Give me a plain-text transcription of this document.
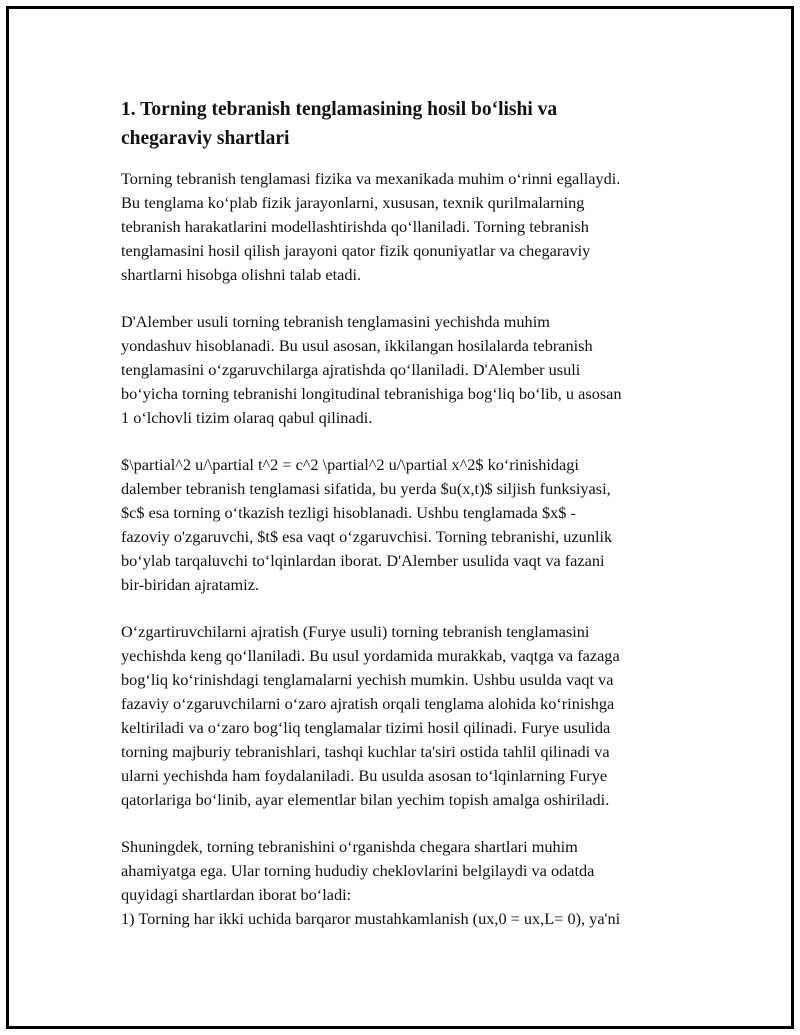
1. Torning tebranish tenglamasining hosil bo‘lishi va
chegaraviy shartlari

Torning tebranish tenglamasi fizika va mexanikada muhim o‘rinni egallaydi.
Bu tenglama ko‘plab fizik jarayonlarni, xususan, texnik qurilmalarning
tebranish harakatlarini modellashtirishda qo‘llaniladi. Torning tebranish
tenglamasini hosil qilish jarayoni qator fizik qonuniyatlar va chegaraviy
shartlarni hisobga olishni talab etadi.

D'Alember usuli torning tebranish tenglamasini yechishda muhim
yondashuv hisoblanadi. Bu usul asosan, ikkilangan hosilalarda tebranish
tenglamasini o‘zgaruvchilarga ajratishda qo‘llaniladi. D'Alember usuli
bo‘yicha torning tebranishi longitudinal tebranishiga bog‘liq bo‘lib, u asosan
1 o‘lchovli tizim olaraq qabul qilinadi.

$\partial^2 u/\partial t^2 = c^2 \partial^2 u/\partial x^2$ ko‘rinishidagi
dalember tebranish tenglamasi sifatida, bu yerda $u(x,t)$ siljish funksiyasi,
$c$ esa torning o‘tkazish tezligi hisoblanadi. Ushbu tenglamada $x$ -
fazoviy o'zgaruvchi, $t$ esa vaqt o‘zgaruvchisi. Torning tebranishi, uzunlik
bo‘ylab tarqaluvchi to‘lqinlardan iborat. D'Alember usulida vaqt va fazani
bir-biridan ajratamiz.

O‘zgartiruvchilarni ajratish (Furye usuli) torning tebranish tenglamasini
yechishda keng qo‘llaniladi. Bu usul yordamida murakkab, vaqtga va fazaga
bog‘liq ko‘rinishdagi tenglamalarni yechish mumkin. Ushbu usulda vaqt va
fazaviy o‘zgaruvchilarni o‘zaro ajratish orqali tenglama alohida ko‘rinishga
keltiriladi va o‘zaro bog‘liq tenglamalar tizimi hosil qilinadi. Furye usulida
torning majburiy tebranishlari, tashqi kuchlar ta'siri ostida tahlil qilinadi va
ularni yechishda ham foydalaniladi. Bu usulda asosan to‘lqinlarning Furye
qatorlariga bo‘linib, ayar elementlar bilan yechim topish amalga oshiriladi.

Shuningdek, torning tebranishini o‘rganishda chegara shartlari muhim
ahamiyatga ega. Ular torning hududiy cheklovlarini belgilaydi va odatda
quyidagi shartlardan iborat bo‘ladi:
1) Torning har ikki uchida barqaror mustahkamlanish (ux,0 = ux,L= 0), ya'ni
